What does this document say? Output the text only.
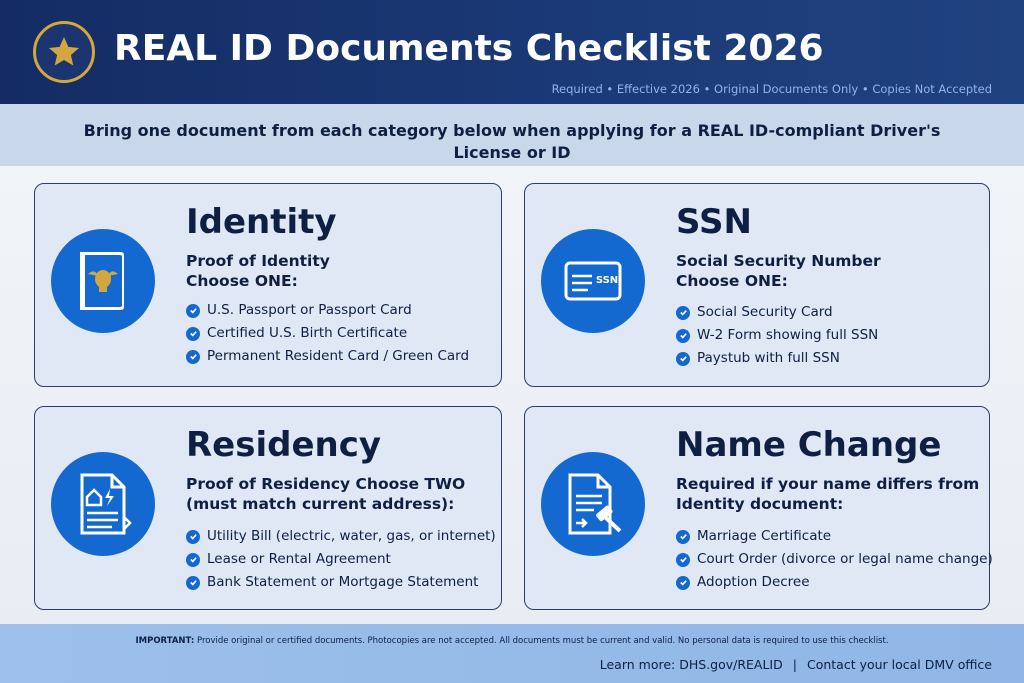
REAL ID Documents Checklist 2026
Required • Effective 2026 • Original Documents Only • Copies Not Accepted
Bring one document from each category below when applying for a REAL ID-compliant Driver's License or ID
Identity
Proof of Identity
Choose ONE:
U.S. Passport or Passport Card
Certified U.S. Birth Certificate
Permanent Resident Card / Green Card
SSN
SSN
Social Security Number
Choose ONE:
Social Security Card
W-2 Form showing full SSN
Paystub with full SSN
Residency
Proof of Residency Choose TWO
(must match current address):
Utility Bill (electric, water, gas, or internet)
Lease or Rental Agreement
Bank Statement or Mortgage Statement
Name Change
Required if your name differs from
Identity document:
Marriage Certificate
Court Order (divorce or legal name change)
Adoption Decree
IMPORTANT: Provide original or certified documents. Photocopies are not accepted. All documents must be current and valid. No personal data is required to use this checklist.
Learn more: DHS.gov/REALID | Contact your local DMV office
